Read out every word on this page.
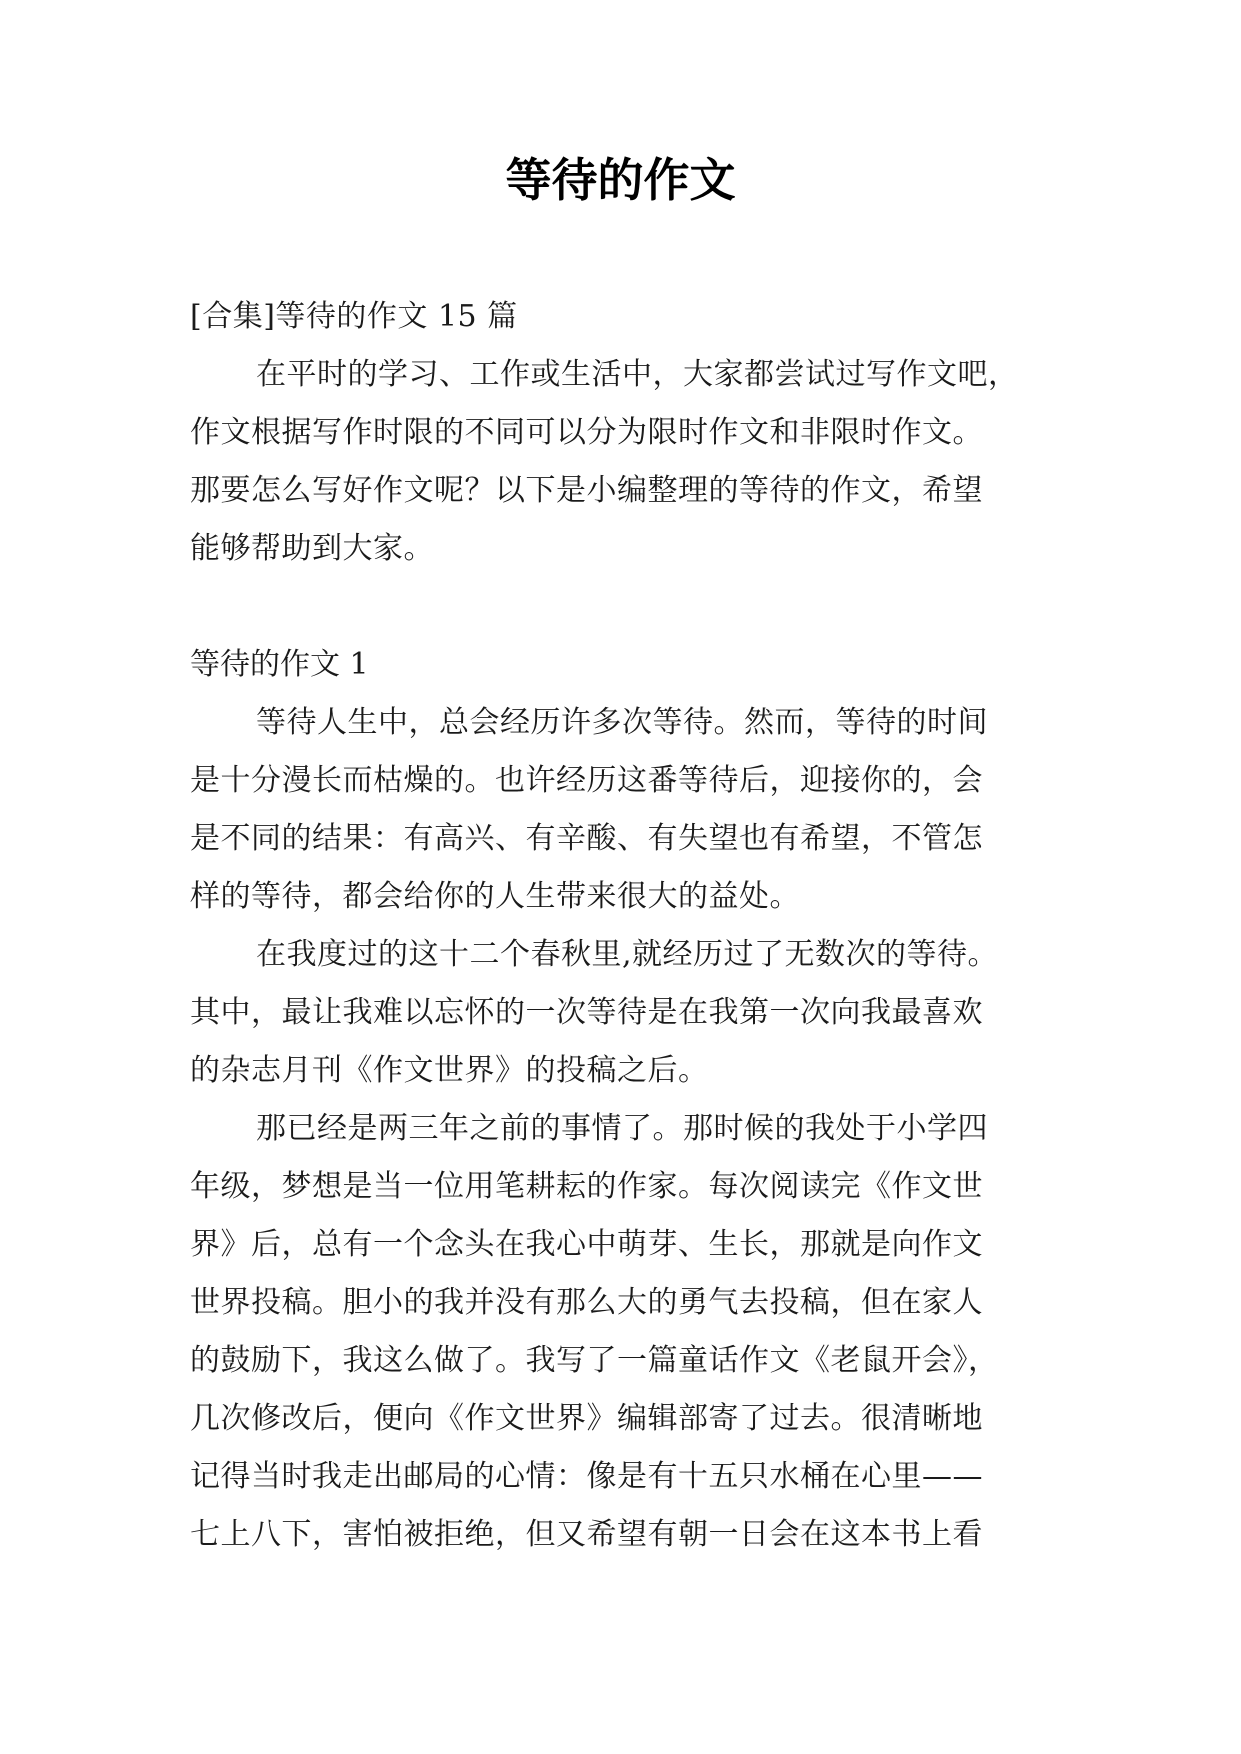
等待的作文

[合集]等待的作文 15 篇

在平时的学习、工作或生活中，大家都尝试过写作文吧，

作文根据写作时限的不同可以分为限时作文和非限时作文。

那要怎么写好作文呢？以下是小编整理的等待的作文，希望

能够帮助到大家。

等待的作文 1

等待人生中，总会经历许多次等待。然而，等待的时间

是十分漫长而枯燥的。也许经历这番等待后，迎接你的，会

是不同的结果：有高兴、有辛酸、有失望也有希望，不管怎

样的等待，都会给你的人生带来很大的益处。

在我度过的这十二个春秋里,就经历过了无数次的等待。

其中，最让我难以忘怀的一次等待是在我第一次向我最喜欢

的杂志月刊《作文世界》的投稿之后。

那已经是两三年之前的事情了。那时候的我处于小学四

年级，梦想是当一位用笔耕耘的作家。每次阅读完《作文世

界》后，总有一个念头在我心中萌芽、生长，那就是向作文

世界投稿。胆小的我并没有那么大的勇气去投稿，但在家人

的鼓励下，我这么做了。我写了一篇童话作文《老鼠开会》，

几次修改后，便向《作文世界》编辑部寄了过去。很清晰地

记得当时我走出邮局的心情：像是有十五只水桶在心里——

七上八下，害怕被拒绝，但又希望有朝一日会在这本书上看
